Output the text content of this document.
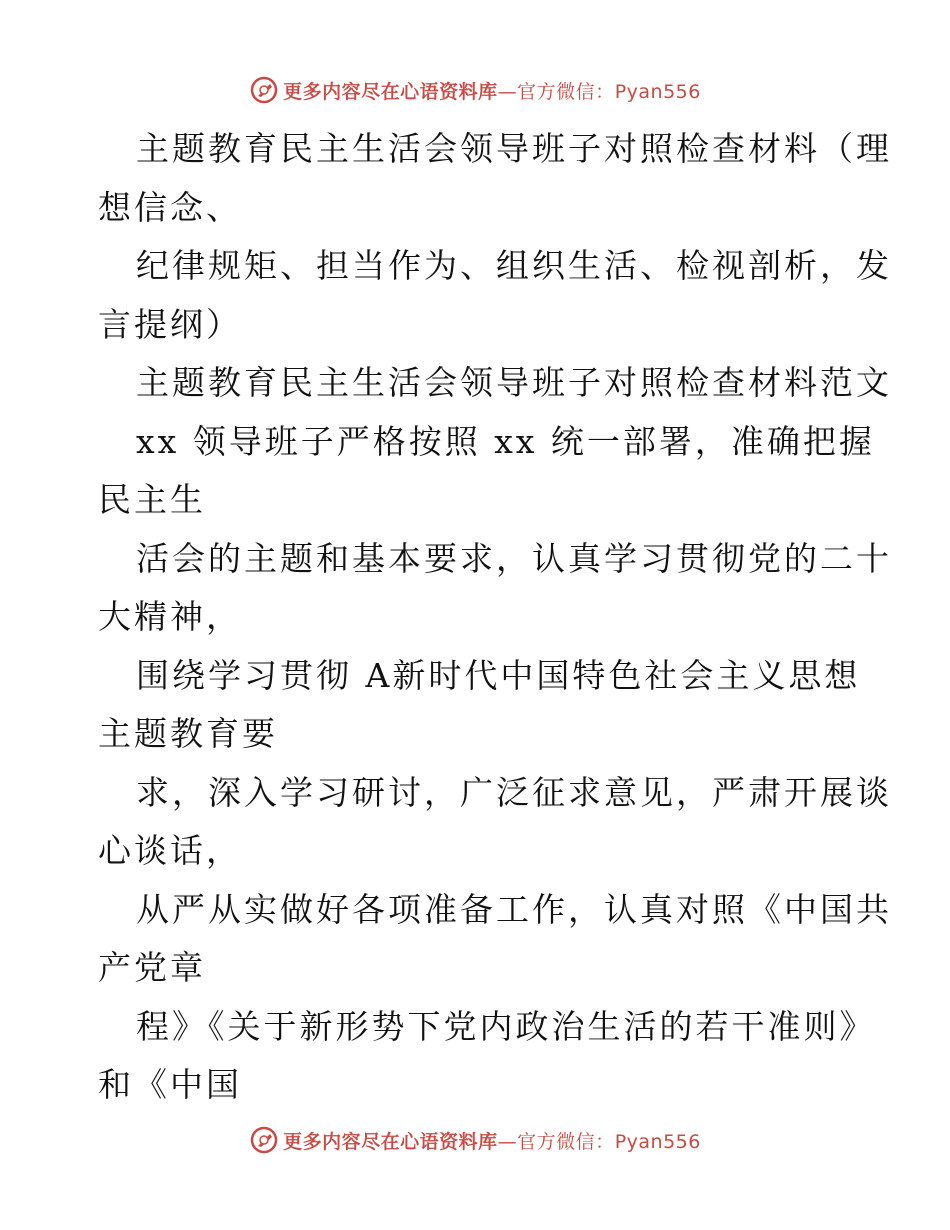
更多内容尽在心语资料库—官方微信：Pyan556
主题教育民主生活会领导班子对照检查材料（理
想信念、
纪律规矩、担当作为、组织生活、检视剖析，发
言提纲）
主题教育民主生活会领导班子对照检查材料范文
xx 领导班子严格按照 xx 统一部署，准确把握
民主生
活会的主题和基本要求，认真学习贯彻党的二十
大精神，
围绕学习贯彻 A新时代中国特色社会主义思想
主题教育要
求，深入学习研讨，广泛征求意见，严肃开展谈
心谈话，
从严从实做好各项准备工作，认真对照《中国共
产党章
程》《关于新形势下党内政治生活的若干准则》
和《中国
更多内容尽在心语资料库—官方微信：Pyan556
